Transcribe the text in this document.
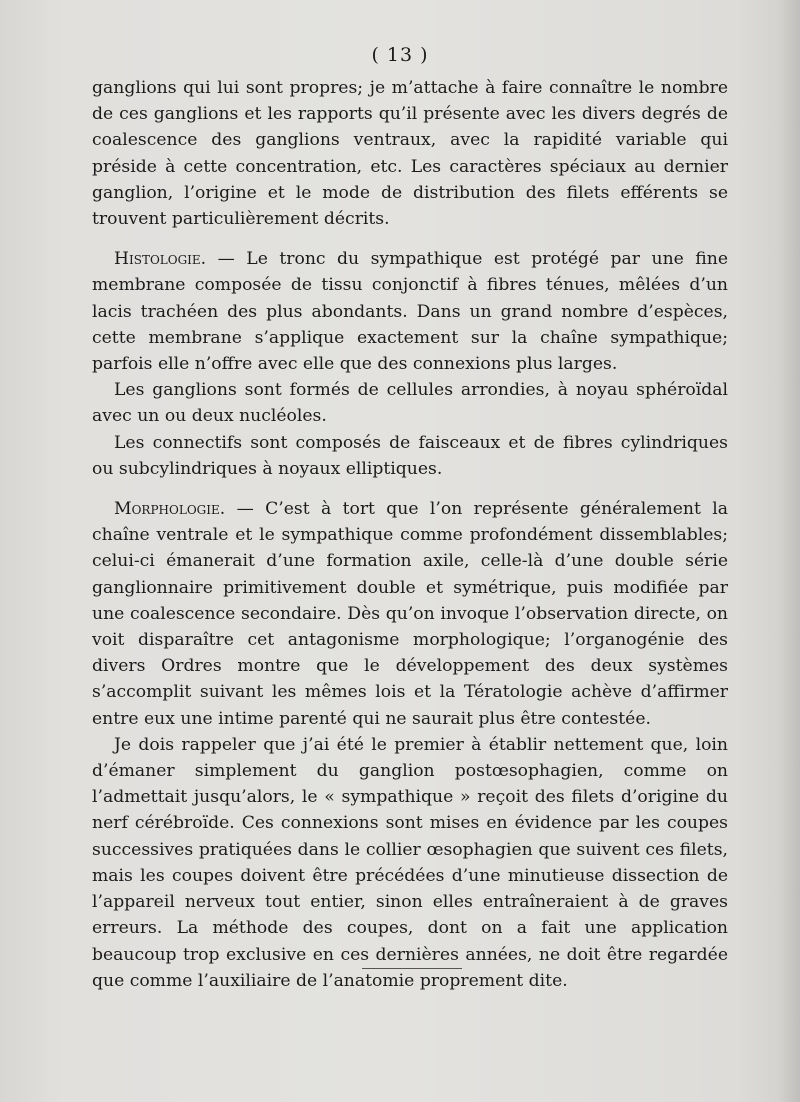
( 13 )

ganglions qui lui sont propres; je m’attache à faire connaître le nombre de ces ganglions et les rapports qu’il présente avec les divers degrés de coalescence des ganglions ventraux, avec la rapidité variable qui préside à cette concentration, etc. Les caractères spéciaux au dernier ganglion, l’origine et le mode de distribution des filets efférents se trouvent particulièrement décrits.

Histologie. — Le tronc du sympathique est protégé par une fine membrane composée de tissu conjonctif à fibres ténues, mêlées d’un lacis trachéen des plus abondants. Dans un grand nombre d’espèces, cette membrane s’applique exactement sur la chaîne sympathique; parfois elle n’offre avec elle que des connexions plus larges.

Les ganglions sont formés de cellules arrondies, à noyau sphéroïdal avec un ou deux nucléoles.

Les connectifs sont composés de faisceaux et de fibres cylindriques ou subcylindriques à noyaux elliptiques.

Morphologie. — C’est à tort que l’on représente généralement la chaîne ventrale et le sympathique comme profondément dissemblables; celui-ci émanerait d’une formation axile, celle-là d’une double série ganglionnaire primitivement double et symétrique, puis modifiée par une coalescence secondaire. Dès qu’on invoque l’observation directe, on voit disparaître cet antagonisme morphologique; l’organogénie des divers Ordres montre que le développement des deux systèmes s’accomplit suivant les mêmes lois et la Tératologie achève d’affirmer entre eux une intime parenté qui ne saurait plus être contestée.

Je dois rappeler que j’ai été le premier à établir nettement que, loin d’émaner simplement du ganglion postœsophagien, comme on l’admettait jusqu’alors, le « sympathique » reçoit des filets d’origine du nerf cérébroïde. Ces connexions sont mises en évidence par les coupes successives pratiquées dans le collier œsophagien que suivent ces filets, mais les coupes doivent être précédées d’une minutieuse dissection de l’appareil nerveux tout entier, sinon elles entraîneraient à de graves erreurs. La méthode des coupes, dont on a fait une application beaucoup trop exclusive en ces dernières années, ne doit être regardée que comme l’auxiliaire de l’anatomie proprement dite.
